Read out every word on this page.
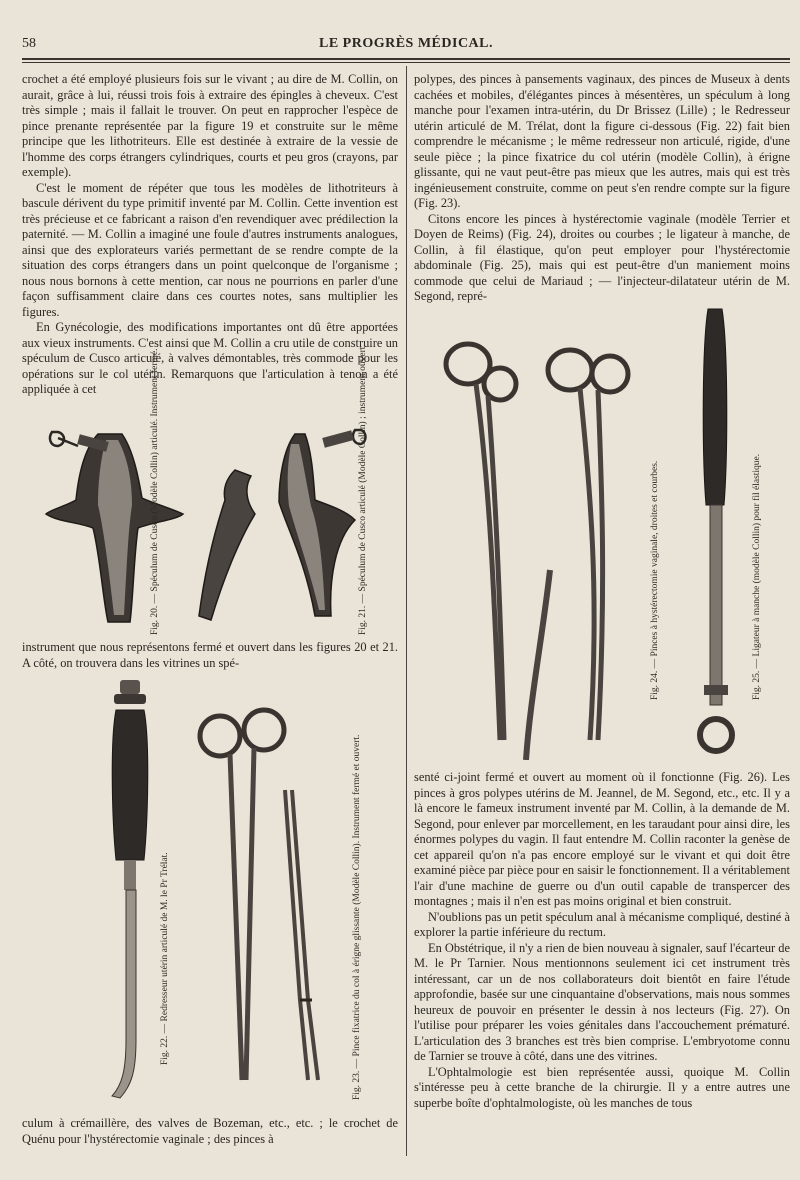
58	LE PROGRÈS MÉDICAL.

crochet a été employé plusieurs fois sur le vivant ; au dire de M. Collin, on aurait, grâce à lui, réussi trois fois à extraire des épingles à cheveux. C'est très simple ; mais il fallait le trouver. On peut en rapprocher l'espèce de pince prenante représentée par la figure 19 et construite sur le même principe que les lithotriteurs. Elle est destinée à extraire de la vessie de l'homme des corps étrangers cylindriques, courts et peu gros (crayons, par exemple).

C'est le moment de répéter que tous les modèles de lithotriteurs à bascule dérivent du type primitif inventé par M. Collin. Cette invention est très précieuse et ce fabricant a raison d'en revendiquer avec prédilection la paternité. — M. Collin a imaginé une foule d'autres instruments analogues, ainsi que des explorateurs variés permettant de se rendre compte de la situation des corps étrangers dans un point quelconque de l'organisme ; nous nous bornons à cette mention, car nous ne pourrions en parler d'une façon suffisamment claire dans ces courtes notes, sans multiplier les figures.

En Gynécologie, des modifications importantes ont dû être apportées aux vieux instruments. C'est ainsi que M. Collin a cru utile de construire un spéculum de Cusco articulé, à valves démontables, très commode pour les opérations sur le col utérin. Remarquons que l'articulation à tenon a été appliquée à cet	Fig. 20. — Spéculum de Cusco (Modèle Collin) articulé. Instrument fermé.	Fig. 21. — Spéculum de Cusco articulé (Modèle Collin) ; instrument ouvert.

instrument que nous représentons fermé et ouvert dans les figures 20 et 21. A côté, on trouvera dans les vitrines un spé-

Fig. 22. — Redresseur utérin articulé de M. le Pr Trélat.	Fig. 23. — Pince fixatrice du col à érigne glissante (Modèle Collin). Instrument fermé et ouvert.

culum à crémaillère, des valves de Bozeman, etc., etc. ; le crochet de Quénu pour l'hystérectomie vaginale ; des pinces à

polypes, des pinces à pansements vaginaux, des pinces de Museux à dents cachées et mobiles, d'élégantes pinces à mésentères, un spéculum à long manche pour l'examen intra-utérin, du Dr Brissez (Lille) ; le Redresseur utérin articulé de M. Trélat, dont la figure ci-dessous (Fig. 22) fait bien comprendre le mécanisme ; le même redresseur non articulé, rigide, d'une seule pièce ; la pince fixatrice du col utérin (modèle Collin), à érigne glissante, qui ne vaut peut-être pas mieux que les autres, mais qui est très ingénieusement construite, comme on peut s'en rendre compte sur la figure (Fig. 23).

Citons encore les pinces à hystérectomie vaginale (modèle Terrier et Doyen de Reims) (Fig. 24), droites ou courbes ; le ligateur à manche, de Collin, à fil élastique, qu'on peut employer pour l'hystérectomie abdominale (Fig. 25), mais qui est peut-être d'un maniement moins commode que celui de Mariaud ; — l'injecteur-dilatateur utérin de M. Segond, repré-

Fig. 24. — Pinces à hystérectomie vaginale, droites et courbes.	Fig. 25. — Ligateur à manche (modèle Collin) pour fil élastique.

senté ci-joint fermé et ouvert au moment où il fonctionne (Fig. 26). Les pinces à gros polypes utérins de M. Jeannel, de M. Segond, etc., etc. Il y a là encore le fameux instrument inventé par M. Collin, à la demande de M. Segond, pour enlever par morcellement, en les taraudant pour ainsi dire, les énormes polypes du vagin. Il faut entendre M. Collin raconter la genèse de cet appareil qu'on n'a pas encore employé sur le vivant et qui doit être examiné pièce par pièce pour en saisir le fonctionnement. Il a véritablement l'air d'une machine de guerre ou d'un outil capable de transpercer des montagnes ; mais il n'en est pas moins original et bien construit.

N'oublions pas un petit spéculum anal à mécanisme compliqué, destiné à explorer la partie inférieure du rectum.

En Obstétrique, il n'y a rien de bien nouveau à signaler, sauf l'écarteur de M. le Pr Tarnier. Nous mentionnons seulement ici cet instrument très intéressant, car un de nos collaborateurs doit bientôt en faire l'étude approfondie, basée sur une cinquantaine d'observations, mais nous sommes heureux de pouvoir en présenter le dessin à nos lecteurs (Fig. 27). On l'utilise pour préparer les voies génitales dans l'accouchement prématuré. L'articulation des 3 branches est très bien comprise. L'embryotome connu de Tarnier se trouve à côté, dans une des vitrines.

L'Ophtalmologie est bien représentée aussi, quoique M. Collin s'intéresse peu à cette branche de la chirurgie. Il y a entre autres une superbe boîte d'ophtalmologiste, où les manches de tous
